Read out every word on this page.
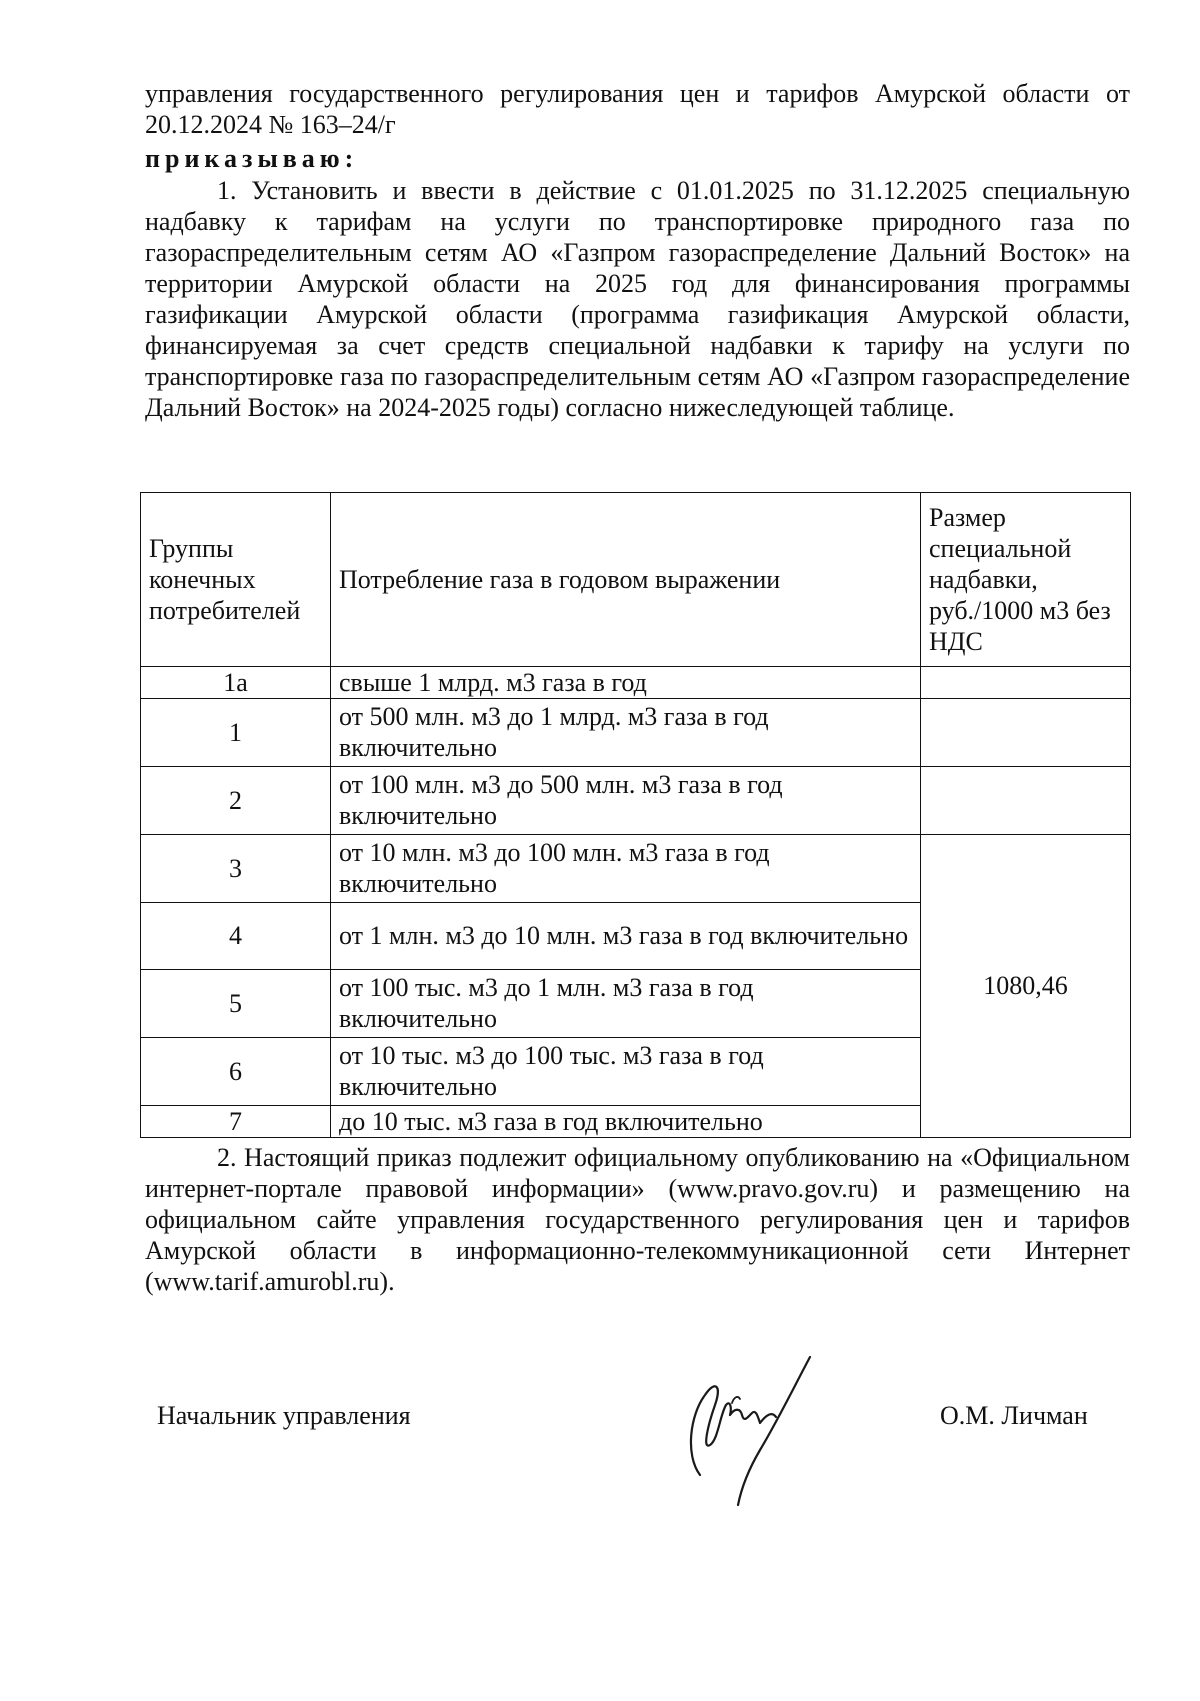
управления государственного регулирования цен и тарифов Амурской области от 20.12.2024 № 163–24/г

приказываю:

1. Установить и ввести в действие с 01.01.2025 по 31.12.2025 специальную надбавку к тарифам на услуги по транспортировке природного газа по газораспределительным сетям АО «Газпром газораспределение Дальний Восток» на территории Амурской области на 2025 год для финансирования программы газификации Амурской области (программа газификация Амурской области, финансируемая за счет средств специальной надбавки к тарифу на услуги по транспортировке газа по газораспределительным сетям АО «Газпром газораспределение Дальний Восток» на 2024-2025 годы) согласно нижеследующей таблице.

Группы конечных потребителей	Потребление газа в годовом выражении	Размер специальной надбавки, руб./1000 м3 без НДС
1а	свыше 1 млрд. м3 газа в год	
1	от 500 млн. м3 до 1 млрд. м3 газа в год включительно	
2	от 100 млн. м3 до 500 млн. м3 газа в год включительно	
3	от 10 млн. м3 до 100 млн. м3 газа в год включительно	1080,46
4	от 1 млн. м3 до 10 млн. м3 газа в год включительно	
5	от 100 тыс. м3 до 1 млн. м3 газа в год включительно	
6	от 10 тыс. м3 до 100 тыс. м3 газа в год включительно	
7	до 10 тыс. м3 газа в год включительно	

2. Настоящий приказ подлежит официальному опубликованию на «Официальном интернет-портале правовой информации» (www.pravo.gov.ru) и размещению на официальном сайте управления государственного регулирования цен и тарифов Амурской области в информационно-телекоммуникационной сети Интернет (www.tarif.amurobl.ru).

Начальник управления	О.М. Личман
